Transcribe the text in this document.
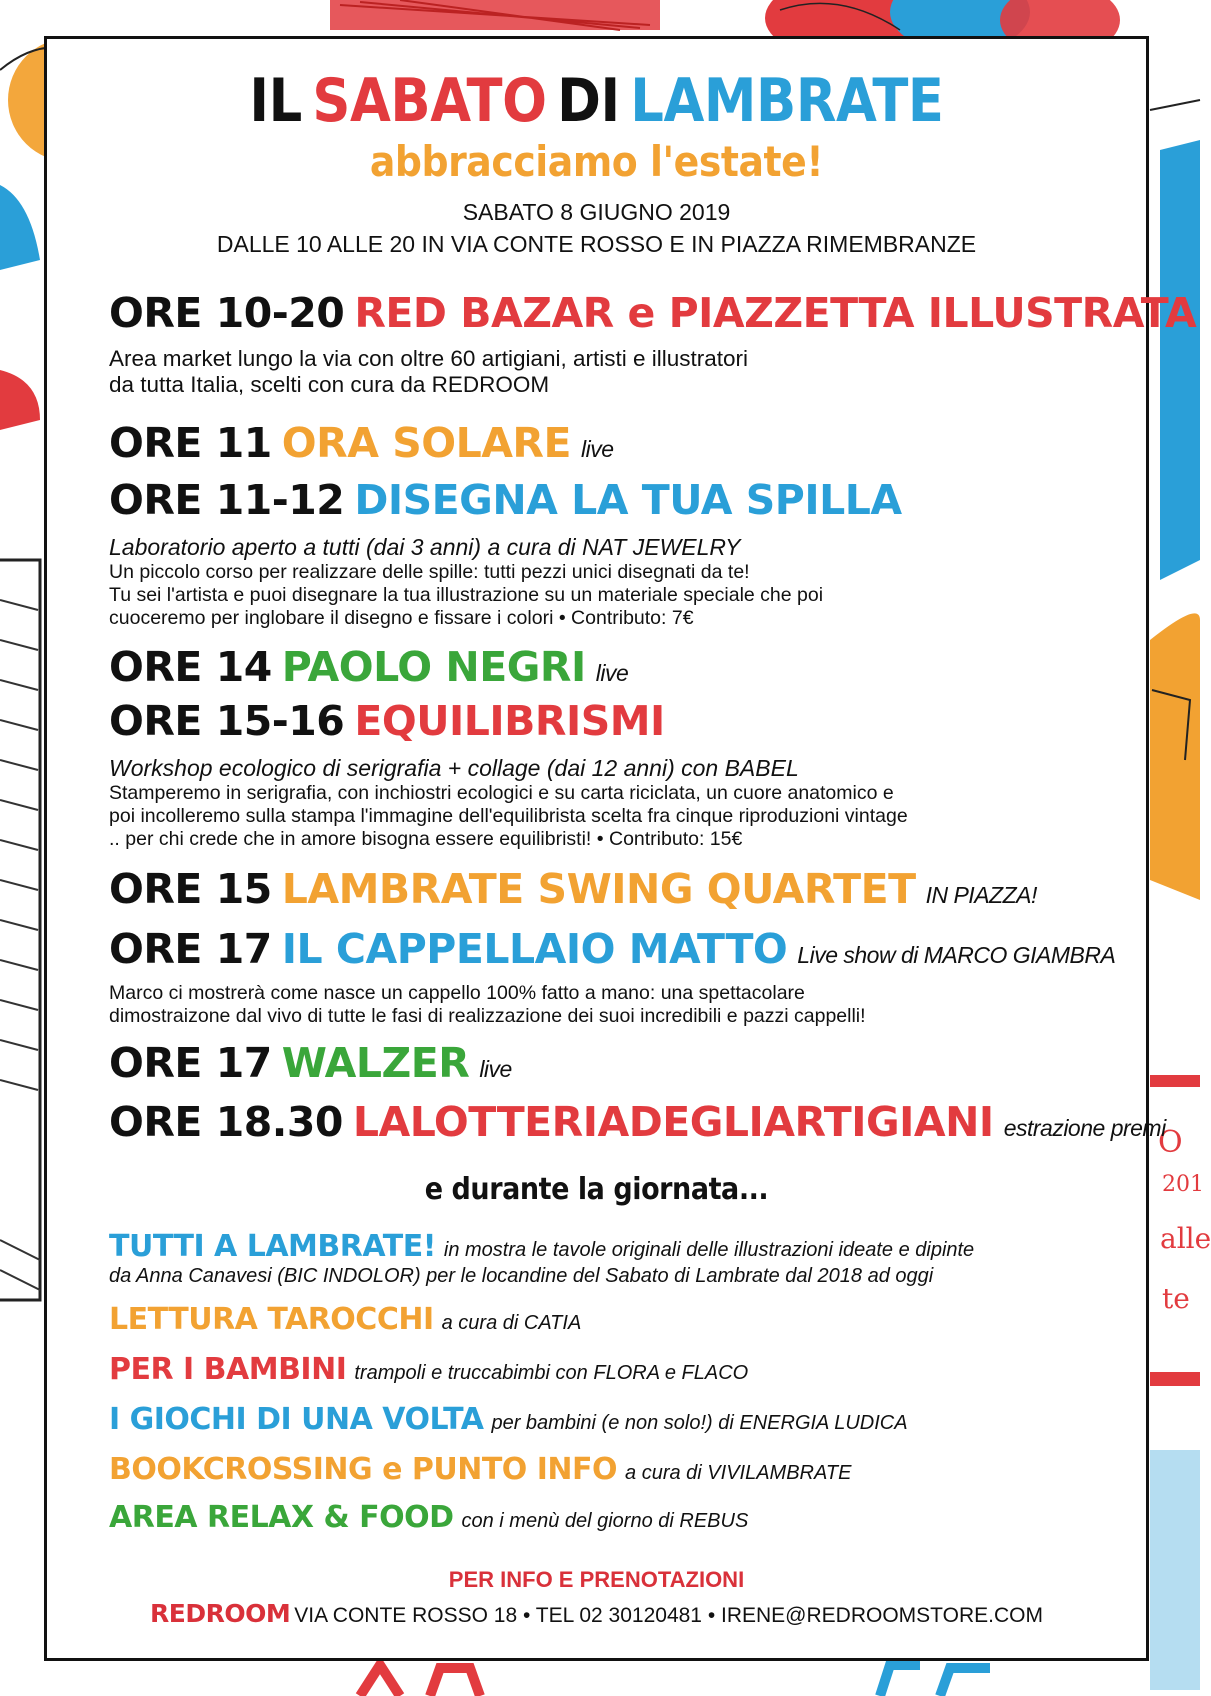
O
201
alle
te
IL SABATO DI LAMBRATE
abbracciamo l'estate!
SABATO 8 GIUGNO 2019
DALLE 10 ALLE 20 IN VIA CONTE ROSSO E IN PIAZZA RIMEMBRANZE
ORE 10-20 RED BAZAR e PIAZZETTA ILLUSTRATA
Area market lungo la via con oltre 60 artigiani, artisti e illustratori
da tutta Italia, scelti con cura da REDROOM
ORE 11 ORA SOLARE live
ORE 11-12 DISEGNA LA TUA SPILLA
Laboratorio aperto a tutti (dai 3 anni) a cura di NAT JEWELRY
Un piccolo corso per realizzare delle spille: tutti pezzi unici disegnati da te!
Tu sei l'artista e puoi disegnare la tua illustrazione su un materiale speciale che poi
cuoceremo per inglobare il disegno e fissare i colori • Contributo: 7€
ORE 14 PAOLO NEGRI live
ORE 15-16 EQUILIBRISMI
Workshop ecologico di serigrafia + collage (dai 12 anni) con BABEL
Stamperemo in serigrafia, con inchiostri ecologici e su carta riciclata, un cuore anatomico e
poi incolleremo sulla stampa l'immagine dell'equilibrista scelta fra cinque riproduzioni vintage
.. per chi crede che in amore bisogna essere equilibristi! • Contributo: 15€
ORE 15 LAMBRATE SWING QUARTET IN PIAZZA!
ORE 17 IL CAPPELLAIO MATTO Live show di MARCO GIAMBRA
Marco ci mostrerà come nasce un cappello 100% fatto a mano: una spettacolare
dimostraizone dal vivo di tutte le fasi di realizzazione dei suoi incredibili e pazzi cappelli!
ORE 17 WALZER live
ORE 18.30 LALOTTERIADEGLIARTIGIANI estrazione premi
e durante la giornata...
TUTTI A LAMBRATE! in mostra le tavole originali delle illustrazioni ideate e dipinte
da Anna Canavesi (BIC INDOLOR) per le locandine del Sabato di Lambrate dal 2018 ad oggi
LETTURA TAROCCHI a cura di CATIA
PER I BAMBINI trampoli e truccabimbi con FLORA e FLACO
I GIOCHI DI UNA VOLTA per bambini (e non solo!) di ENERGIA LUDICA
BOOKCROSSING e PUNTO INFO a cura di VIVILAMBRATE
AREA RELAX & FOOD con i menù del giorno di REBUS
PER INFO E PRENOTAZIONI
REDROOM VIA CONTE ROSSO 18 • TEL 02 30120481 • IRENE@REDROOMSTORE.COM
